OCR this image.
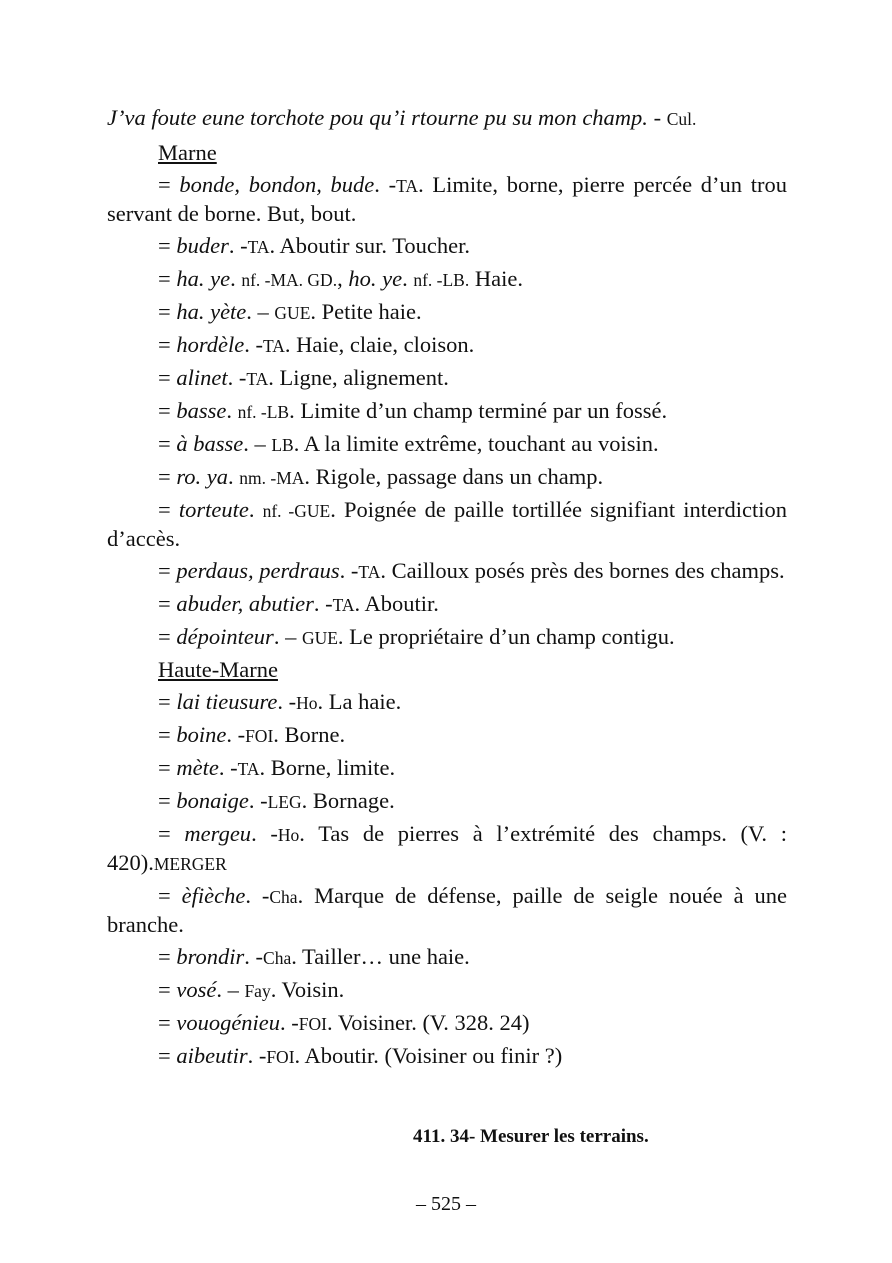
J’va foute eune torchote pou qu’i rtourne pu su mon champ. - Cul.

Marne

= bonde, bondon, bude. -TA. Limite, borne, pierre percée d’un trou servant de borne. But, bout.

= buder. -TA. Aboutir sur. Toucher.

= ha. ye. nf. -MA. GD., ho. ye. nf. -LB. Haie.

= ha. yète. – GUE. Petite haie.

= hordèle. -TA. Haie, claie, cloison.

= alinet. -TA. Ligne, alignement.

= basse. nf. -LB. Limite d’un champ terminé par un fossé.

= à basse. – LB. A la limite extrême, touchant au voisin.

= ro. ya. nm. -MA. Rigole, passage dans un champ.

= torteute. nf. -GUE. Poignée de paille tortillée signifiant interdiction d’accès.

= perdaus, perdraus. -TA. Cailloux posés près des bornes des champs.

= abuder, abutier. -TA. Aboutir.

= dépointeur. – GUE. Le propriétaire d’un champ contigu.

Haute-Marne

= lai tieusure. -Ho. La haie.

= boine. -FOI. Borne.

= mète. -TA. Borne, limite.

= bonaige. -LEG. Bornage.

= mergeu. -Ho. Tas de pierres à l’extrémité des champs. (V. : 420).MERGER

= èfièche. -Cha. Marque de défense, paille de seigle nouée à une branche.

= brondir. -Cha. Tailler… une haie.

= vosé. – Fay. Voisin.

= vouogénieu. -FOI. Voisiner. (V. 328. 24)

= aibeutir. -FOI. Aboutir. (Voisiner ou finir ?)

411. 34- Mesurer les terrains.
– 525 –
